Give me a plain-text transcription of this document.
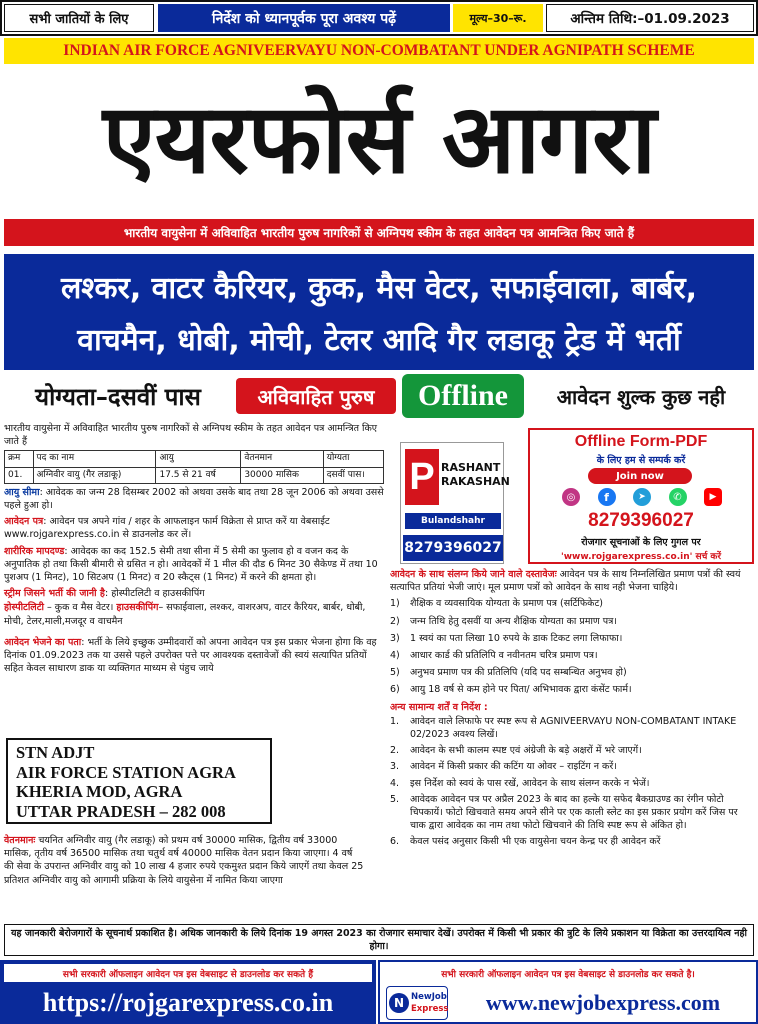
सभी जातियों के लिए	निर्देश को ध्यानपूर्वक पूरा अवश्य पढ़ें	मूल्य–30–रू.	अन्तिम तिथि:–01.09.2023
INDIAN AIR FORCE AGNIVEERVAYU NON-COMBATANT UNDER AGNIPATH SCHEME
एयरफोर्स आगरा
भारतीय वायुसेना में अविवाहित भारतीय पुरुष नागरिकों से अग्निपथ स्कीम के तहत आवेदन पत्र आमन्त्रित किए जाते हैं
लश्कर, वाटर कैरियर, कुक, मैस वेटर, सफाईवाला, बार्बर,
वाचमैन, धोबी, मोची, टेलर आदि गैर लडाकू ट्रेड में भर्ती
योग्यता–दसवीं पास	अविवाहित पुरुष	Offline	आवेदन शुल्क कुछ नही
भारतीय वायुसेना में अविवाहित भारतीय पुरुष नागरिकों से अग्निपथ स्कीम के तहत आवेदन पत्र आमन्त्रित किए जाते हैं
क्रम	पद का नाम	आयु	वेतनमान	योग्यता
01.	अग्निवीर वायु (गैर लडाकू)	17.5 से 21 वर्ष	30000 मासिक	दसवीं पास।
आयु सीमा: आवेदक का जन्म 28 दिसम्बर 2002 को अथवा उसके बाद तथा 28 जून 2006 को अथवा उससे पहले हुआ हो।
आवेदन पत्र: आवेदन पत्र अपने गांव / शहर के आफलाइन फार्म विक्रेता से प्राप्त करें या वेबसाईट www.rojgarexpress.co.in से डाउनलोड कर लें।
शारीरिक मापदण्ड: आवेदक का कद 152.5 सेमी तथा सीना में 5 सेमी का फुलाव हो व वजन कद के अनुपातिक हो तथा किसी बीमारी से ग्रसित न हो। आवेदकों में 1 मील की दौड 6 मिनट 30 सैकेण्ड में तथा 10 पुशअप (1 मिनट), 10 सिटअप (1 मिनट) व 20 स्कैट्स (1 मिनट) में करने की क्षमता हो।
स्ट्रीम जिसने भर्ती की जानी है: होस्पीटलिटी व हाउसकीपिंग
होस्पीटलिटी – कुक व मैस वेटर। हाउसकीपिंग– सफाईवाला, लश्कर, वाशरअप, वाटर कैरियर, बार्बर, धोबी, मोची, टेलर,माली,मजदूर व वाचमैन
आवेदन भेजने का पता: भर्ती के लिये इच्छुक उम्मीदवारों को अपना आवेदन पत्र इस प्रकार भेजना होगा कि वह दिनांक 01.09.2023 तक या उससे पहले उपरोक्त पत्ते पर आवश्यक दस्तावेजों की स्वयं सत्यापित प्रतियों सहित केवल साधारण डाक या व्यक्तिगत माध्यम से पंहुच जाये
STN ADJT
AIR FORCE STATION AGRA
KHERIA MOD, AGRA
UTTAR PRADESH – 282 008
वेतनमानः चयनित अग्निवीर वायु (गैर लडाकू) को प्रथम वर्ष 30000 मासिक, द्वितीय वर्ष 33000 मासिक, तृतीय वर्ष 36500 मासिक तथा चतुर्थ वर्ष 40000 मासिक वेतन प्रदान किया जाएगा। 4 वर्ष की सेवा के उपरान्त अग्निवीर वायु को 10 लाख 4 हजार रुपये एकमुश्त प्रदान किये जाएगें तथा केवल 25 प्रतिशत अग्निवीर वायु को आगामी प्रक्रिया के लिये वायुसेना में नामित किया जाएगा
P RASHANT
RAKASHAN
Bulandshahr
8279396027
Offline Form-PDF
के लिए हम से सम्पर्क करें
Join now
◎	f	➤	✆	▶
8279396027
रोजगार सूचनाओं के लिए गुगल पर
'www.rojgarexpress.co.in' सर्च करें
आवेदन के साथ संलग्न किये जाने वाले दस्तावेजः आवेदन पत्र के साथ निम्नलिखित प्रमाण पत्रों की स्वयं सत्यापित प्रतियां भेजी जाएं। मूल प्रमाण पत्रों को आवेदन के साथ नही भेजना चाहिये।
1)	शैक्षिक व व्यवसायिक योग्यता के प्रमाण पत्र (सर्टिफिकेट)
2)	जन्म तिथि हेतु दसवीं या अन्य शैक्षिक योग्यता का प्रमाण पत्र।
3)	1 स्वयं का पता लिखा 10 रुपये के डाक टिकट लगा लिफाफा।
4)	आधार कार्ड की प्रतिलिपि व नवीनतम चरित्र प्रमाण पत्र।
5)	अनुभव प्रमाण पत्र की प्रतिलिपि (यदि पद सम्बन्धित अनुभव हो)
6)	आयु 18 वर्ष से कम होने पर पिता/ अभिभावक द्वारा कंसेंट फार्म।
अन्य सामान्य शर्तें व निर्देश :
1.	आवेदन वाले लिफाफे पर स्पष्ट रूप से AGNIVEERVAYU NON-COMBATANT INTAKE 02/2023 अवश्य लिखें।
2.	आवेदन के सभी कालम स्पष्ट एवं अंग्रेजी के बड़े अक्षरों में भरे जाएगें।
3.	आवेदन में किसी प्रकार की कटिंग या ओवर – राइटिंग न करें।
4.	इस निर्देश को स्वयं के पास रखें, आवेदन के साथ संलग्न करके न भेजें।
5.	आवेदक आवेदन पत्र पर अप्रैल 2023 के बाद का हल्के या सफेद बैकग्राउण्ड का रंगीन फोटो चिपकायें। फोटो खिचवाते समय अपने सीने पर एक काली स्लेट का इस प्रकार प्रयोग करें जिस पर चाक द्वारा आवेदक का नाम तथा फोटो खिचवाने की तिथि स्पष्ट रूप से अंकित हो।
6.	केवल पसंद अनुसार किसी भी एक वायुसेना चयन केन्द्र पर ही आवेदन करें
यह जानकारी बेरोजगारों के सूचनार्थ प्रकाशित है। अधिक जानकारी के लिये दिनांक 19 अगस्त 2023 का रोजगार समाचार देखें। उपरोक्त में किसी भी प्रकार की त्रुटि के लिये प्रकाशन या विक्रेता का उत्तरदायित्व नही होगा।
सभी सरकारी ऑफलाइन आवेदन पत्र इस वेबसाइट से डाउनलोड कर सकते हैं
https://rojgarexpress.co.in
सभी सरकारी ऑफलाइन आवेदन पत्र इस वेबसाइट से डाउनलोड कर सकते है।
N NewJob
Express	www.newjobexpress.com
